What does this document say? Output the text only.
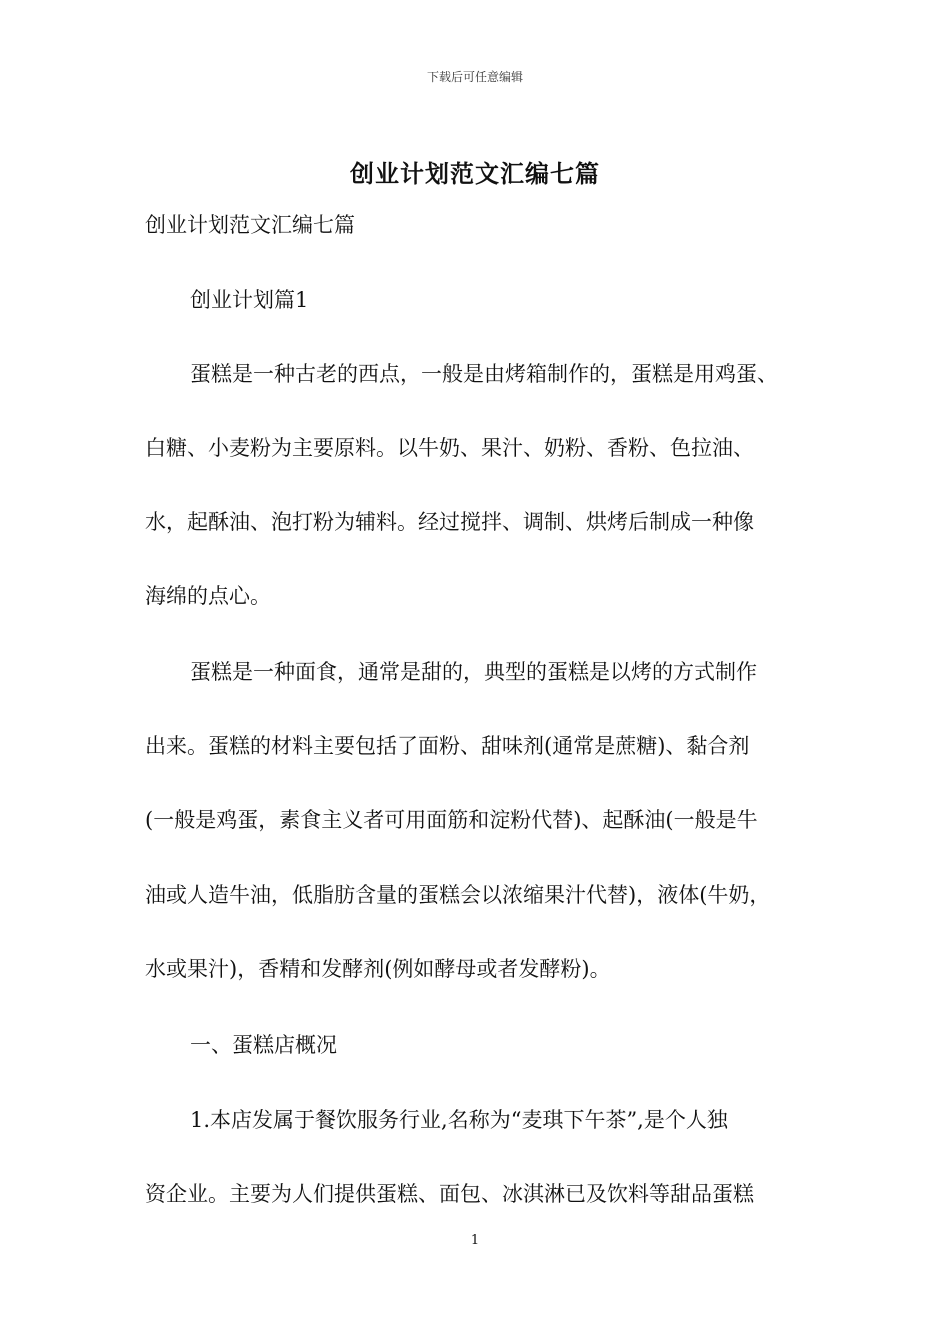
下载后可任意编辑
创业计划范文汇编七篇
创业计划范文汇编七篇
创业计划篇1
蛋糕是一种古老的西点，一般是由烤箱制作的，蛋糕是用鸡蛋、
白糖、小麦粉为主要原料。以牛奶、果汁、奶粉、香粉、色拉油、
水，起酥油、泡打粉为辅料。经过搅拌、调制、烘烤后制成一种像
海绵的点心。
蛋糕是一种面食，通常是甜的，典型的蛋糕是以烤的方式制作
出来。蛋糕的材料主要包括了面粉、甜味剂(通常是蔗糖)、黏合剂
(一般是鸡蛋，素食主义者可用面筋和淀粉代替)、起酥油(一般是牛
油或人造牛油，低脂肪含量的蛋糕会以浓缩果汁代替)，液体(牛奶，
水或果汁)，香精和发酵剂(例如酵母或者发酵粉)。
一、蛋糕店概况
1.本店发属于餐饮服务行业,名称为“麦琪下午茶”,是个人独
资企业。主要为人们提供蛋糕、面包、冰淇淋已及饮料等甜品蛋糕
1
